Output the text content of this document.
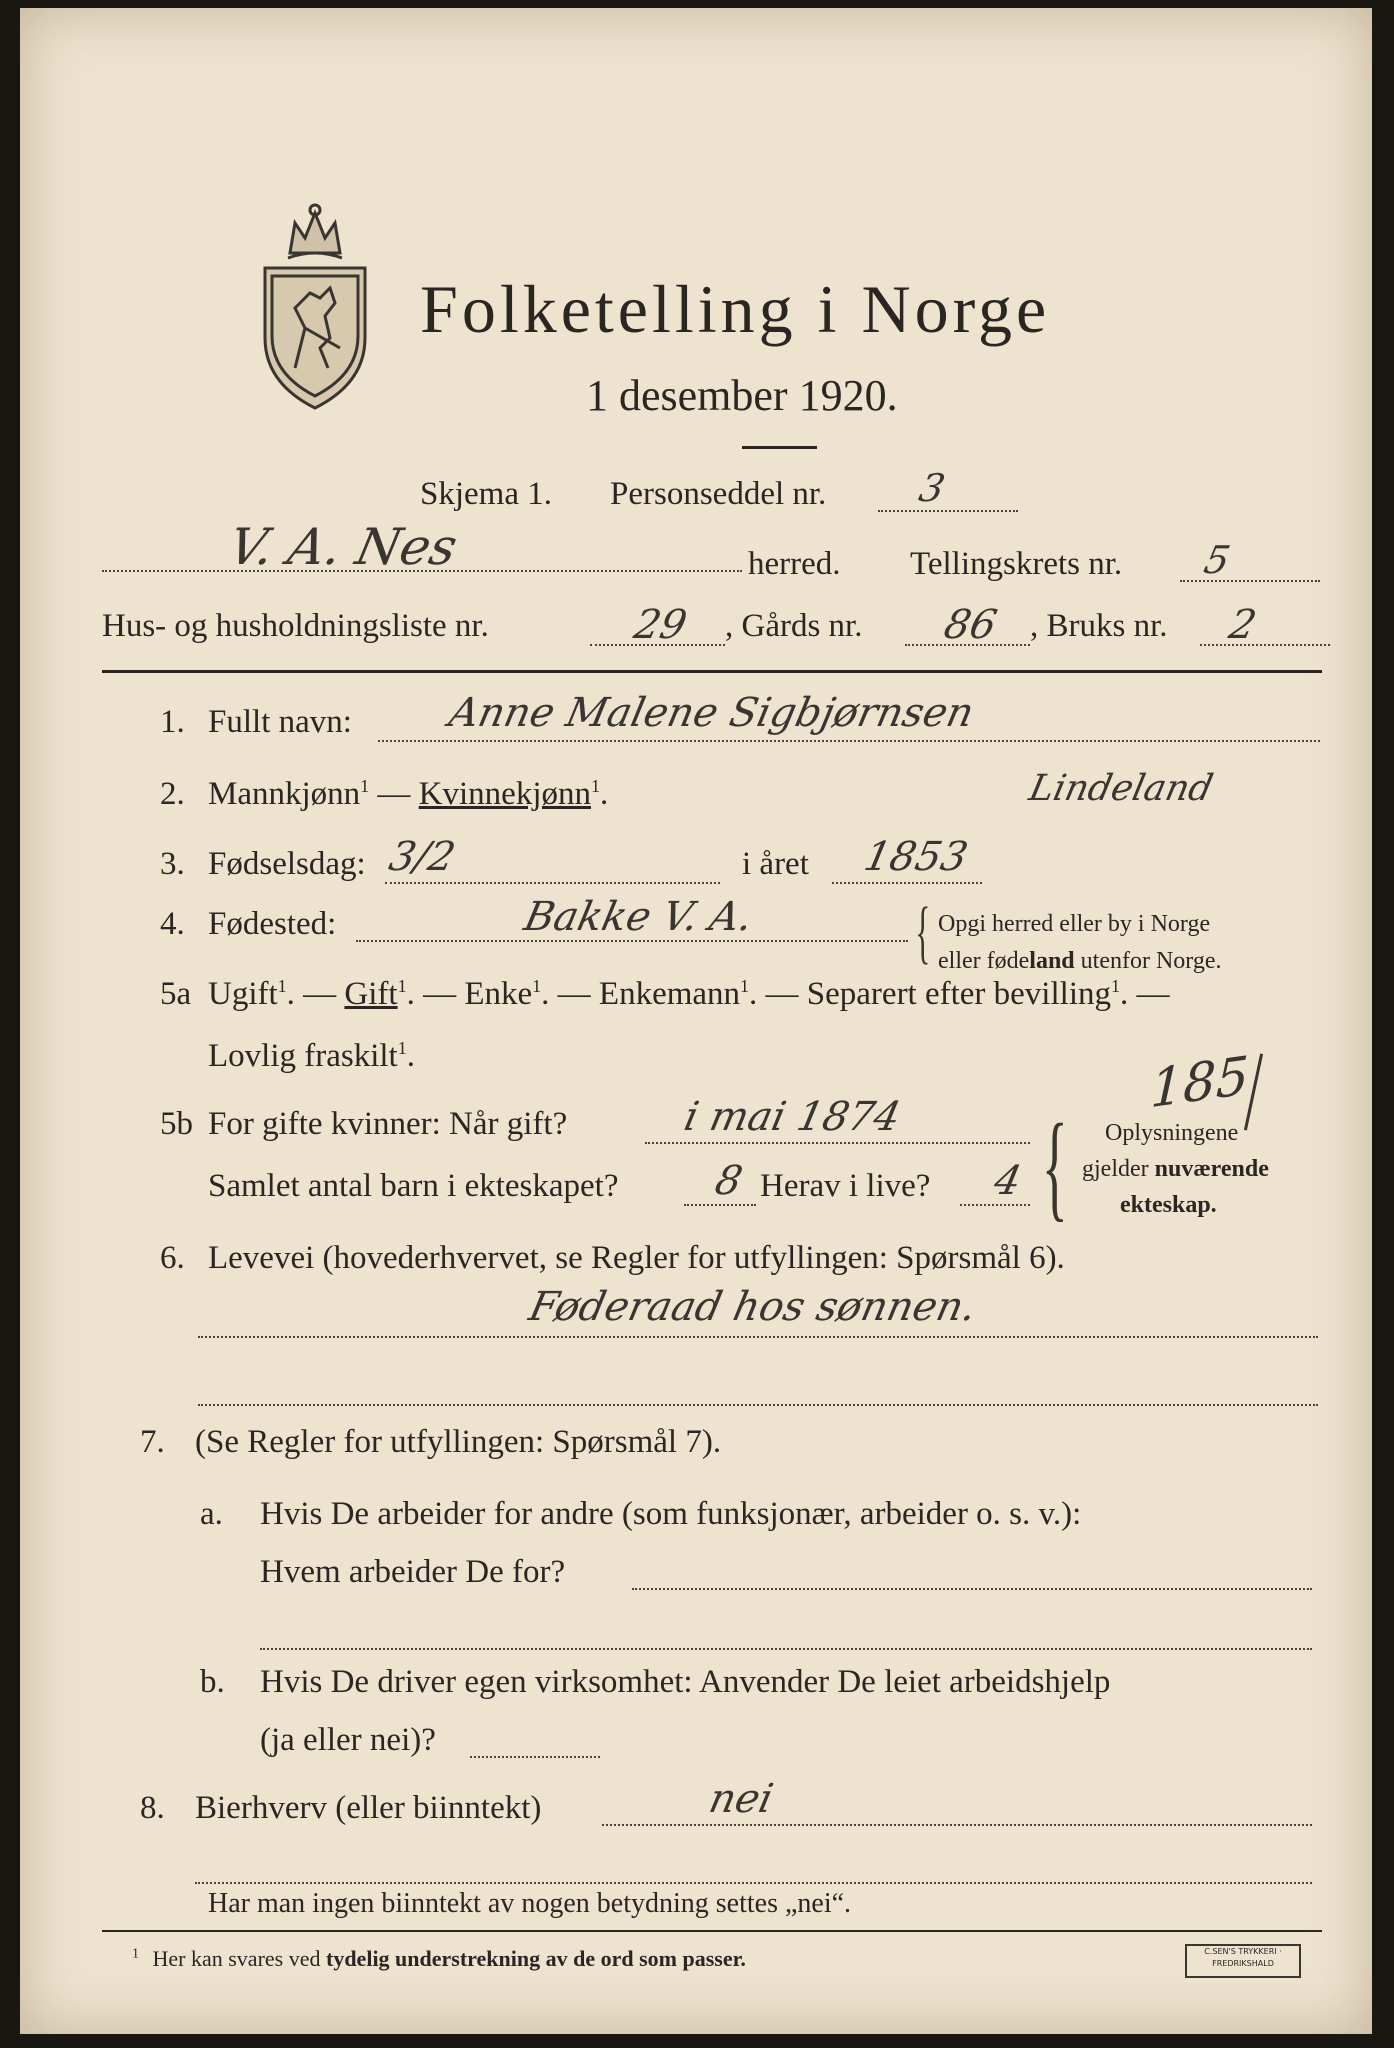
Folketelling i Norge
1 desember 1920.
Skjema 1. Personseddel nr. 3
V. A. Nes	herred. Tellingskrets nr. 5
Hus- og husholdningsliste nr.	29 , Gårds nr. 86 , Bruks nr. 2
1. Fullt navn: Anne Malene Sigbjørnsen
2. Mannkjønn$^1$ — Kvinnekjønn$^1$.	Lindeland
3. Fødselsdag: 3/2	i året 1853
4. Fødested:	Bakke V. A. { Opgi herred eller by i Norge
eller fødeland utenfor Norge.
5a Ugift$^1$. — Gift$^1$. — Enke$^1$. — Enkemann$^1$. — Separert efter bevilling$^1$. —
Lovlig fraskilt$^1$.	185
5b For gifte kvinner: Når gift?	i mai 1874
Samlet antal barn i ekteskapet? 8 Herav i live? 4 { Oplysningene
gjelder nuværende
ekteskap.
6. Levevei (hovederhvervet, se Regler for utfyllingen: Spørsmål 6).
Føderaad hos sønnen.
7. (Se Regler for utfyllingen: Spørsmål 7).
a. Hvis De arbeider for andre (som funksjonær, arbeider o. s. v.):
Hvem arbeider De for?
b. Hvis De driver egen virksomhet: Anvender De leiet arbeidshjelp
(ja eller nei)?
8. Bierhverv (eller biinntekt)	nei
Har man ingen biinntekt av nogen betydning settes „nei“.
$^1$ Her kan svares ved tydelig understrekning av de ord som passer.	C.SEN'S TRYKKERI · FREDRIKSHALD
